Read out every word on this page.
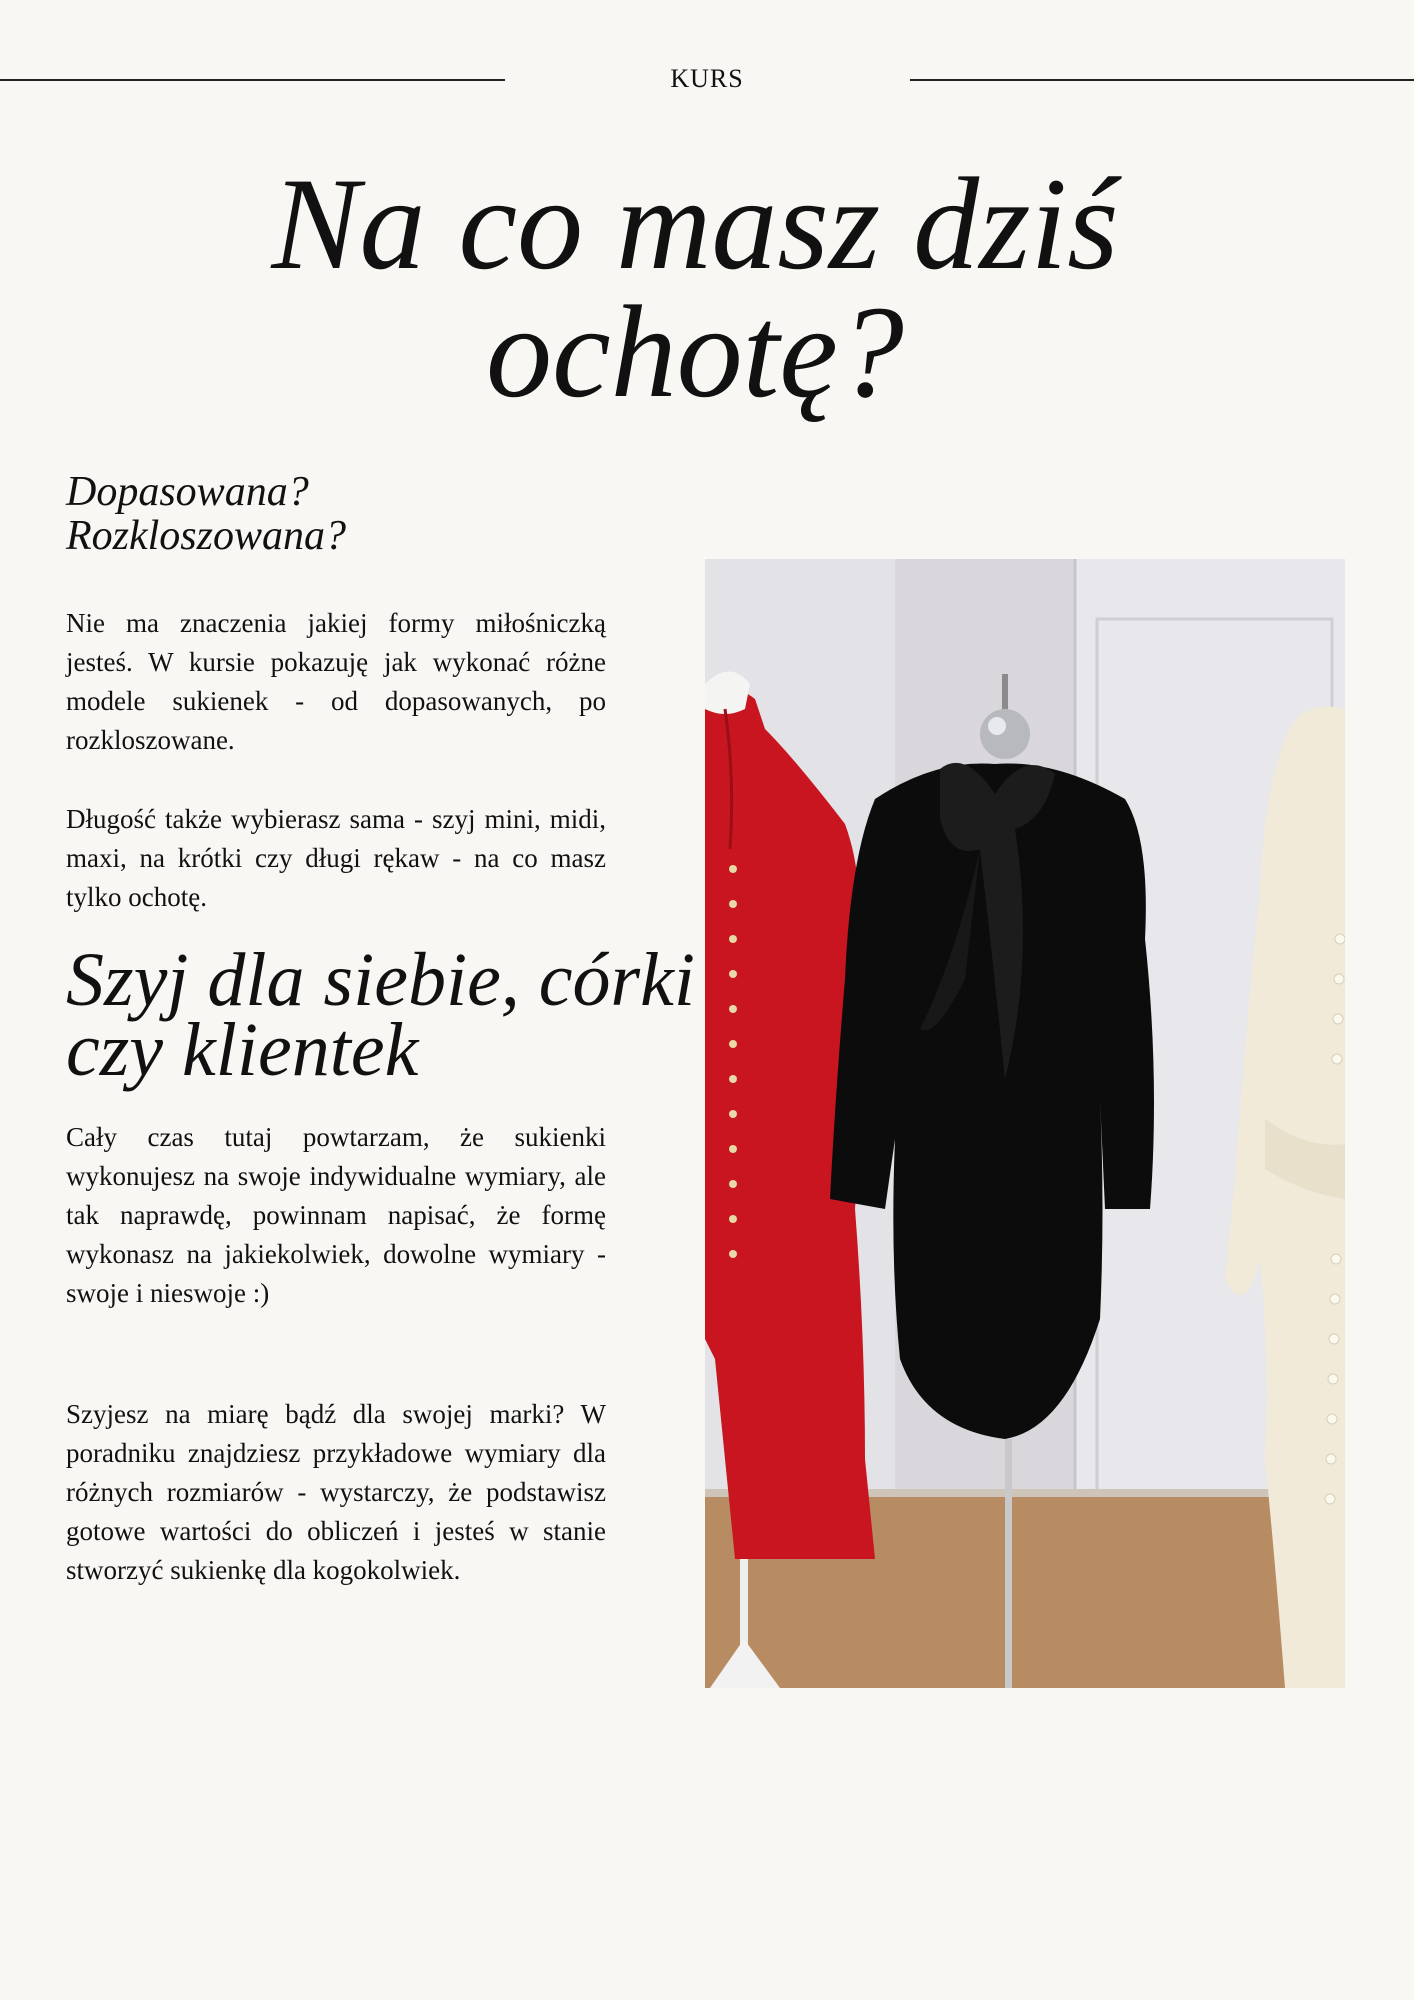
KURS
Na co masz dziś ochotę?
Dopasowana?
Rozkloszowana?

Nie ma znaczenia jakiej formy miłośniczką jesteś. W kursie pokazuję jak wykonać różne modele sukienek - od dopasowanych, po rozkloszowane.

Długość także wybierasz sama - szyj mini, midi, maxi, na krótki czy długi rękaw - na co masz tylko ochotę.

Szyj dla siebie, córki czy klientek

Cały czas tutaj powtarzam, że sukienki wykonujesz na swoje indywidualne wymiary, ale tak naprawdę, powinnam napisać, że formę wykonasz na jakiekolwiek, dowolne wymiary - swoje i nieswoje :)

Szyjesz na miarę bądź dla swojej marki? W poradniku znajdziesz przykładowe wymiary dla różnych rozmiarów - wystarczy, że podstawisz gotowe wartości do obliczeń i jesteś w stanie stworzyć sukienkę dla kogokolwiek.
